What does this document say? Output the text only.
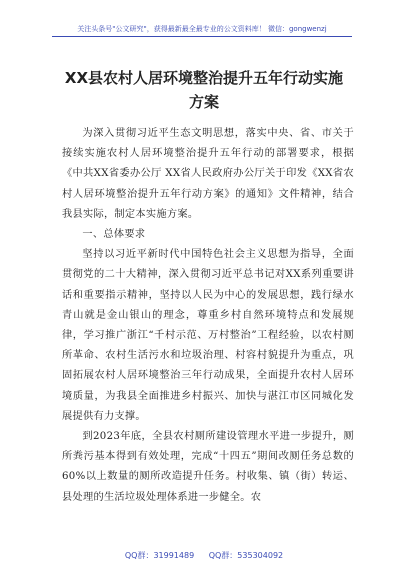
关注头条号"公文研究"，获得最新最全最专业的公文资料库！ 微信：gongwenzj
XX县农村人居环境整治提升五年行动实施
方案

为深入贯彻习近平生态文明思想，落实中央、省、市关于接续实施农村人居环境整治提升五年行动的部署要求，根据《中共XX省委办公厅 XX省人民政府办公厅关于印发《XX省农村人居环境整治提升五年行动方案》的通知》文件精神，结合我县实际，制定本实施方案。

一、总体要求

坚持以习近平新时代中国特色社会主义思想为指导，全面贯彻党的二十大精神，深入贯彻习近平总书记对XX系列重要讲话和重要指示精神，坚持以人民为中心的发展思想，践行绿水青山就是金山银山的理念，尊重乡村自然环境特点和发展规律，学习推广浙江“千村示范、万村整治”工程经验，以农村厕所革命、农村生活污水和垃圾治理、村容村貌提升为重点，巩固拓展农村人居环境整治三年行动成果，全面提升农村人居环境质量，为我县全面推进乡村振兴、加快与湛江市区同城化发展提供有力支撑。

到2023年底，全县农村厕所建设管理水平进一步提升，厕所粪污基本得到有效处理，完成“十四五”期间改厕任务总数的60%以上数量的厕所改造提升任务。村收集、镇（街）转运、县处理的生活垃圾处理体系进一步健全。农

QQ群：31991489 QQ群：535304092
